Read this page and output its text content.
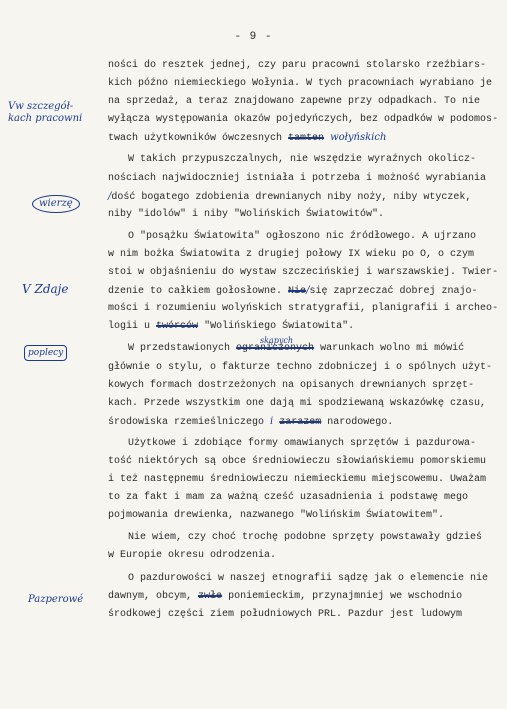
- 9 -
Vw szczegół-
kach pracowni
wierzę
V Zdaje
poplecy
Pazperowé
ności do resztek jednej, czy paru pracowni stolarsko rzeźbiars-
kich późno niemieckiego Wołynia. W tych pracowniach wyrabiano je
na sprzedaż, a teraz znajdowano zapewne przy odpadkach. To nie
wyłącza występowania okazów pojedyńczych, bez odpadków w podomos-
twach użytkowników ówczesnych tamten wołyńskich
W takich przypuszczalnych, nie wszędzie wyraźnych okolicz-
nościach najwidoczniej istniała i potrzeba i możność wyrabiania
/dość bogatego zdobienia drewnianych niby noży, niby wtyczek,
niby "idolów" i niby "Wolińskich Światowitów".
O "posążku Światowita" ogłoszono nic źródłowego. A ujrzano
w nim bożka Światowita z drugiej połowy IX wieku po O, o czym
stoi w objaśnieniu do wystaw szczecińskiej i warszawskiej. Twier-
dzenie to całkiem gołosłowne. Nie/się zaprzeczać dobrej znajo-
mości i rozumieniu wolyńskich stratygrafii, planigrafii i archeo-
logii u twórców "Wolińskiego Światowita".
skąpych
W przedstawionych ograniczonych warunkach wolno mi mówić
głównie o stylu, o fakturze techno zdobniczej i o spólnych użyt-
kowych formach dostrzeżonych na opisanych drewnianych sprzęt-
kach. Przede wszystkim one dają mi spodziewaną wskazówkę czasu,
środowiska rzemieślniczego i zarazem narodowego.
Użytkowe i zdobiące formy omawianych sprzętów i pazdurowa-
tość niektórych są obce średniowieczu słowiańskiemu pomorskiemu
i też następnemu średniowieczu niemieckiemu miejscowemu. Uważam
to za fakt i mam za ważną cześć uzasadnienia i podstawę mego
pojmowania drewienka, nazwanego "Wolińskim Światowitem".
Nie wiem, czy choć trochę podobne sprzęty powstawały gdzieś
w Europie okresu odrodzenia.
O pazdurowości w naszej etnografii sądzę jak o elemencie nie
dawnym, obcym, zwłe poniemieckim, przynajmniej we wschodnio
środkowej części ziem południowych PRL. Pazdur jest ludowym
